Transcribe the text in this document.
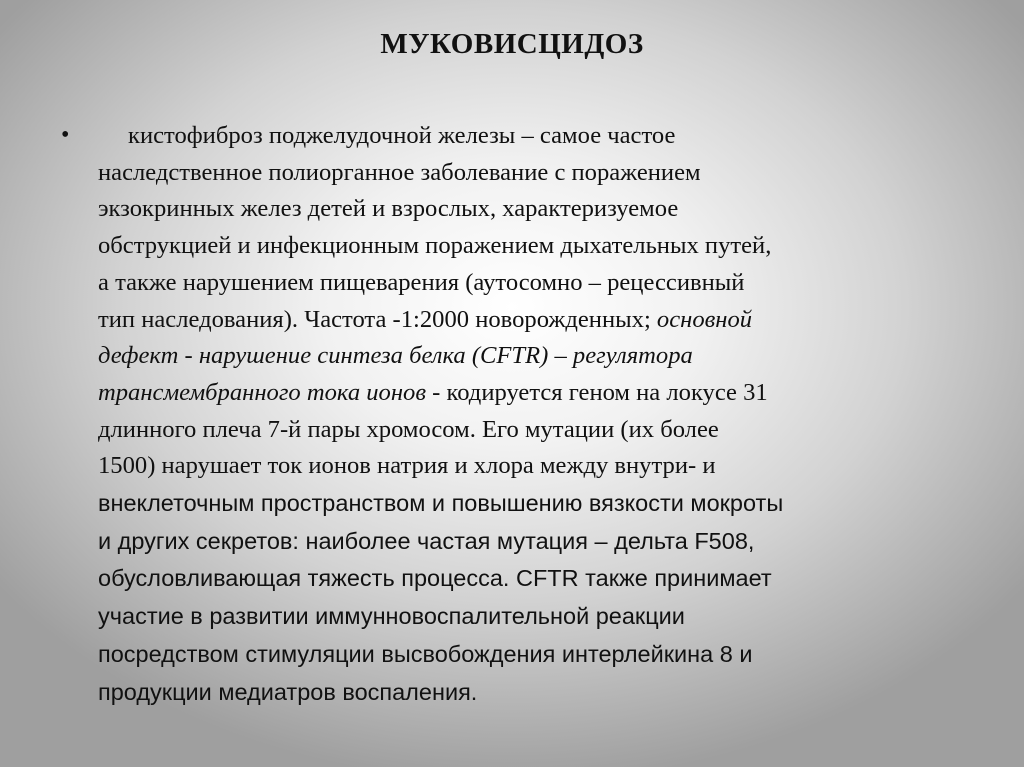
МУКОВИСЦИДОЗ
•	кистофиброз поджелудочной железы – самое частое
наследственное полиорганное заболевание с поражением
экзокринных желез детей и взрослых, характеризуемое
обструкцией и инфекционным поражением дыхательных путей,
а также нарушением пищеварения (аутосомно – рецессивный
тип наследования). Частота -1:2000 новорожденных; основной
дефект - нарушение синтеза белка (CFTR) – регулятора
трансмембранного тока ионов - кодируется геном на локусе 31
длинного плеча 7-й пары хромосом. Его мутации (их более
1500) нарушает ток ионов натрия и хлора между внутри- и
внеклеточным пространством и повышению вязкости мокроты
и других секретов: наиболее частая мутация – дельта F508,
обусловливающая тяжесть процесса. CFTR также принимает
участие в развитии иммунновоспалительной реакции
посредством стимуляции высвобождения интерлейкина 8 и
продукции медиатров воспаления.
